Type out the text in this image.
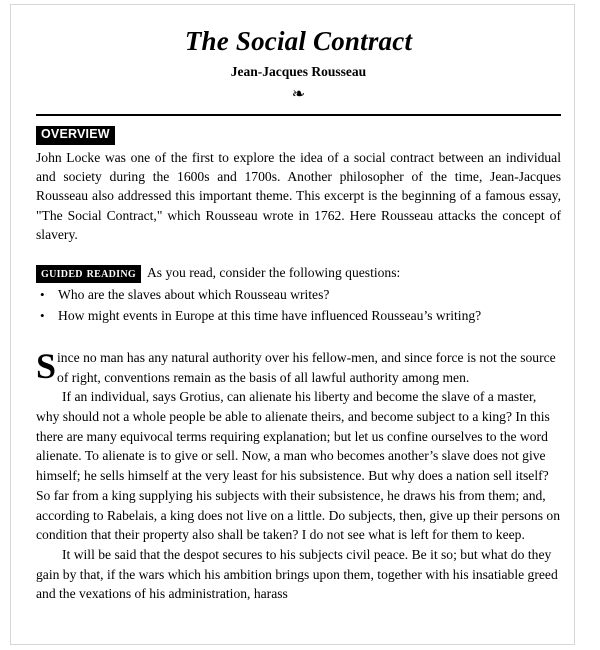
The Social Contract
Jean-Jacques Rousseau
❧
OVERVIEW

John Locke was one of the first to explore the idea of a social contract between an individual and society during the 1600s and 1700s. Another philosopher of the time, Jean-Jacques Rousseau also addressed this important theme. This excerpt is the beginning of a famous essay, "The Social Contract," which Rousseau wrote in 1762. Here Rousseau attacks the concept of slavery.

guided reading As you read, consider the following questions:
• Who are the slaves about which Rousseau writes?
• How might events in Europe at this time have influenced Rousseau’s writing?

Since no man has any natural authority over his fellow-men, and since force is not the source of right, conventions remain as the basis of all lawful authority among men.

If an individual, says Grotius, can alienate his liberty and become the slave of a master, why should not a whole people be able to alienate theirs, and become subject to a king? In this there are many equivocal terms requiring explanation; but let us confine ourselves to the word alienate. To alienate is to give or sell. Now, a man who becomes another’s slave does not give himself; he sells himself at the very least for his subsistence. But why does a nation sell itself? So far from a king supplying his subjects with their subsistence, he draws his from them; and, according to Rabelais, a king does not live on a little. Do subjects, then, give up their persons on condition that their property also shall be taken? I do not see what is left for them to keep.

It will be said that the despot secures to his subjects civil peace. Be it so; but what do they gain by that, if the wars which his ambition brings upon them, together with his insatiable greed and the vexations of his administration, harass
